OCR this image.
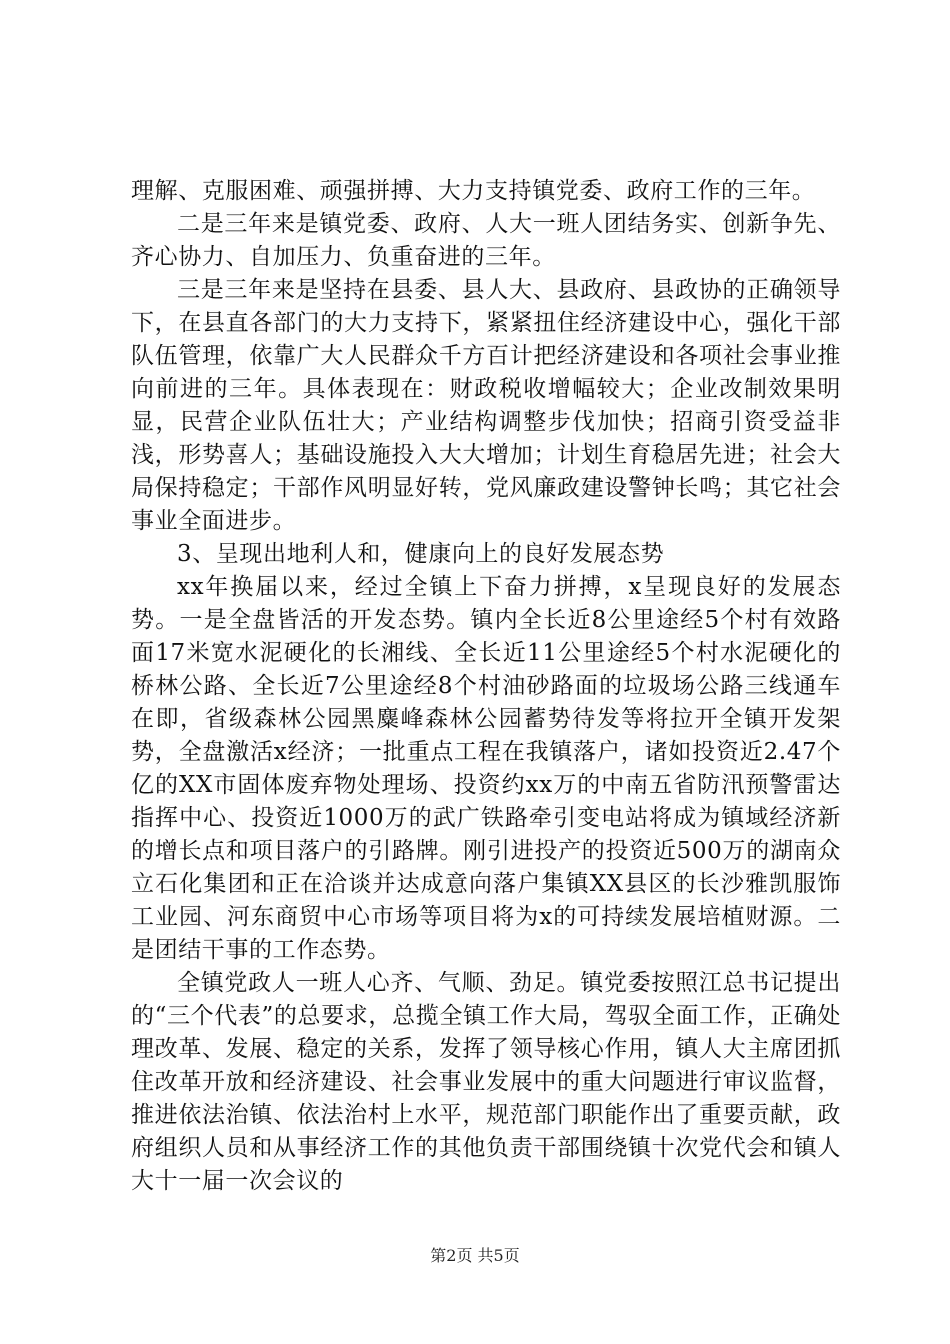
理解、克服困难、顽强拼搏、大力支持镇党委、政府工作的三年。

二是三年来是镇党委、政府、人大一班人团结务实、创新争先、齐心协力、自加压力、负重奋进的三年。

三是三年来是坚持在县委、县人大、县政府、县政协的正确领导下，在县直各部门的大力支持下，紧紧扭住经济建设中心，强化干部队伍管理，依靠广大人民群众千方百计把经济建设和各项社会事业推向前进的三年。具体表现在：财政税收增幅较大；企业改制效果明显，民营企业队伍壮大；产业结构调整步伐加快；招商引资受益非浅，形势喜人；基础设施投入大大增加；计划生育稳居先进；社会大局保持稳定；干部作风明显好转，党风廉政建设警钟长鸣；其它社会事业全面进步。

3、呈现出地利人和，健康向上的良好发展态势

xx年换届以来，经过全镇上下奋力拼搏，x呈现良好的发展态势。一是全盘皆活的开发态势。镇内全长近8公里途经5个村有效路面17米宽水泥硬化的长湘线、全长近11公里途经5个村水泥硬化的桥林公路、全长近7公里途经8个村油砂路面的垃圾场公路三线通车在即，省级森林公园黑麋峰森林公园蓄势待发等将拉开全镇开发架势，全盘激活x经济；一批重点工程在我镇落户，诸如投资近2.47个亿的XX市固体废弃物处理场、投资约xx万的中南五省防汛预警雷达指挥中心、投资近1000万的武广铁路牵引变电站将成为镇域经济新的增长点和项目落户的引路牌。刚引进投产的投资近500万的湖南众立石化集团和正在洽谈并达成意向落户集镇XX县区的长沙雅凯服饰工业园、河东商贸中心市场等项目将为x的可持续发展培植财源。二是团结干事的工作态势。

全镇党政人一班人心齐、气顺、劲足。镇党委按照江总书记提出的“三个代表”的总要求，总揽全镇工作大局，驾驭全面工作，正确处理改革、发展、稳定的关系，发挥了领导核心作用，镇人大主席团抓住改革开放和经济建设、社会事业发展中的重大问题进行审议监督，推进依法治镇、依法治村上水平，规范部门职能作出了重要贡献，政府组织人员和从事经济工作的其他负责干部围绕镇十次党代会和镇人大十一届一次会议的

第2页 共5页
